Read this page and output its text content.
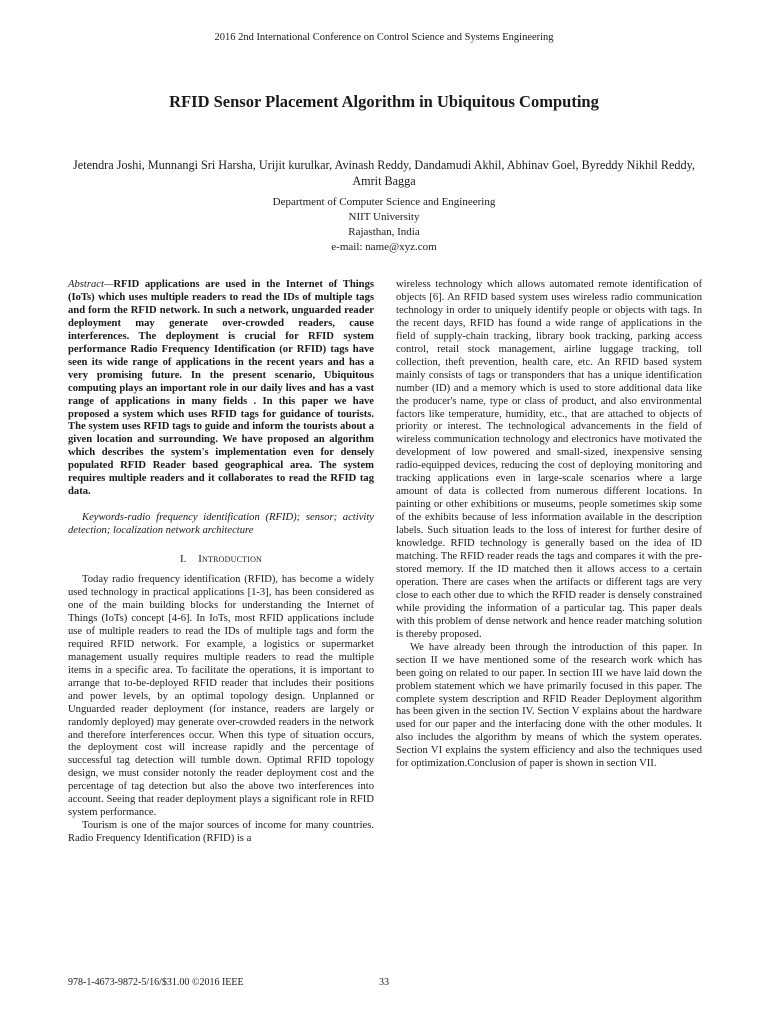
2016 2nd International Conference on Control Science and Systems Engineering
RFID Sensor Placement Algorithm in Ubiquitous Computing
Jetendra Joshi, Munnangi Sri Harsha, Urijit kurulkar, Avinash Reddy, Dandamudi Akhil, Abhinav Goel, Byreddy Nikhil Reddy, Amrit Bagga
Department of Computer Science and Engineering
NIIT University
Rajasthan, India
e-mail: name@xyz.com

Abstract—RFID applications are used in the Internet of Things (IoTs) which uses multiple readers to read the IDs of multiple tags and form the RFID network. In such a network, unguarded reader deployment may generate over-crowded readers, cause interferences. The deployment is crucial for RFID system performance Radio Frequency Identification (or RFID) tags have seen its wide range of applications in the recent years and has a very promising future. In the present scenario, Ubiquitous computing plays an important role in our daily lives and has a vast range of applications in many fields . In this paper we have proposed a system which uses RFID tags for guidance of tourists. The system uses RFID tags to guide and inform the tourists about a given location and surrounding. We have proposed an algorithm which describes the system's implementation even for densely populated RFID Reader based geographical area. The system requires multiple readers and it collaborates to read the RFID tag data.

Keywords-radio frequency identification (RFID); sensor; activity detection; localization network architecture

I. Introduction

Today radio frequency identification (RFID), has become a widely used technology in practical applications [1-3], has been considered as one of the main building blocks for understanding the Internet of Things (IoTs) concept [4-6]. In IoTs, most RFID applications include use of multiple readers to read the IDs of multiple tags and form the required RFID network. For example, a logistics or supermarket management usually requires multiple readers to read the multiple items in a specific area. To facilitate the operations, it is important to arrange that to-be-deployed RFID reader that includes their positions and power levels, by an optimal topology design. Unplanned or Unguarded reader deployment (for instance, readers are largely or randomly deployed) may generate over-crowded readers in the network and therefore interferences occur. When this type of situation occurs, the deployment cost will increase rapidly and the percentage of successful tag detection will tumble down. Optimal RFID topology design, we must consider notonly the reader deployment cost and the percentage of tag detection but also the above two interferences into account. Seeing that reader deployment plays a significant role in RFID system performance.

Tourism is one of the major sources of income for many countries. Radio Frequency Identification (RFID) is a

wireless technology which allows automated remote identification of objects [6]. An RFID based system uses wireless radio communication technology in order to uniquely identify people or objects with tags. In the recent days, RFID has found a wide range of applications in the field of supply-chain tracking, library book tracking, parking access control, retail stock management, airline luggage tracking, toll collection, theft prevention, health care, etc. An RFID based system mainly consists of tags or transponders that has a unique identification number (ID) and a memory which is used to store additional data like the producer's name, type or class of product, and also environmental factors like temperature, humidity, etc., that are attached to objects of priority or interest. The technological advancements in the field of wireless communication technology and electronics have motivated the development of low powered and small-sized, inexpensive sensing radio-equipped devices, reducing the cost of deploying monitoring and tracking applications even in large-scale scenarios where a large amount of data is collected from numerous different locations. In painting or other exhibitions or museums, people sometimes skip some of the exhibits because of less information available in the description labels. Such situation leads to the loss of interest for further desire of knowledge. RFID technology is generally based on the idea of ID matching. The RFID reader reads the tags and compares it with the pre-stored memory. If the ID matched then it allows access to a certain operation. There are cases when the artifacts or different tags are very close to each other due to which the RFID reader is densely constrained while providing the information of a particular tag. This paper deals with this problem of dense network and hence reader matching solution is thereby proposed.

We have already been through the introduction of this paper. In section II we have mentioned some of the research work which has been going on related to our paper. In section III we have laid down the problem statement which we have primarily focused in this paper. The complete system description and RFID Reader Deployment algorithm has been given in the section IV. Section V explains about the hardware used for our paper and the interfacing done with the other modules. It also includes the algorithm by means of which the system operates. Section VI explains the system efficiency and also the techniques used for optimization.Conclusion of paper is shown in section VII.

978-1-4673-9872-5/16/$31.00 ©2016 IEEE	33
